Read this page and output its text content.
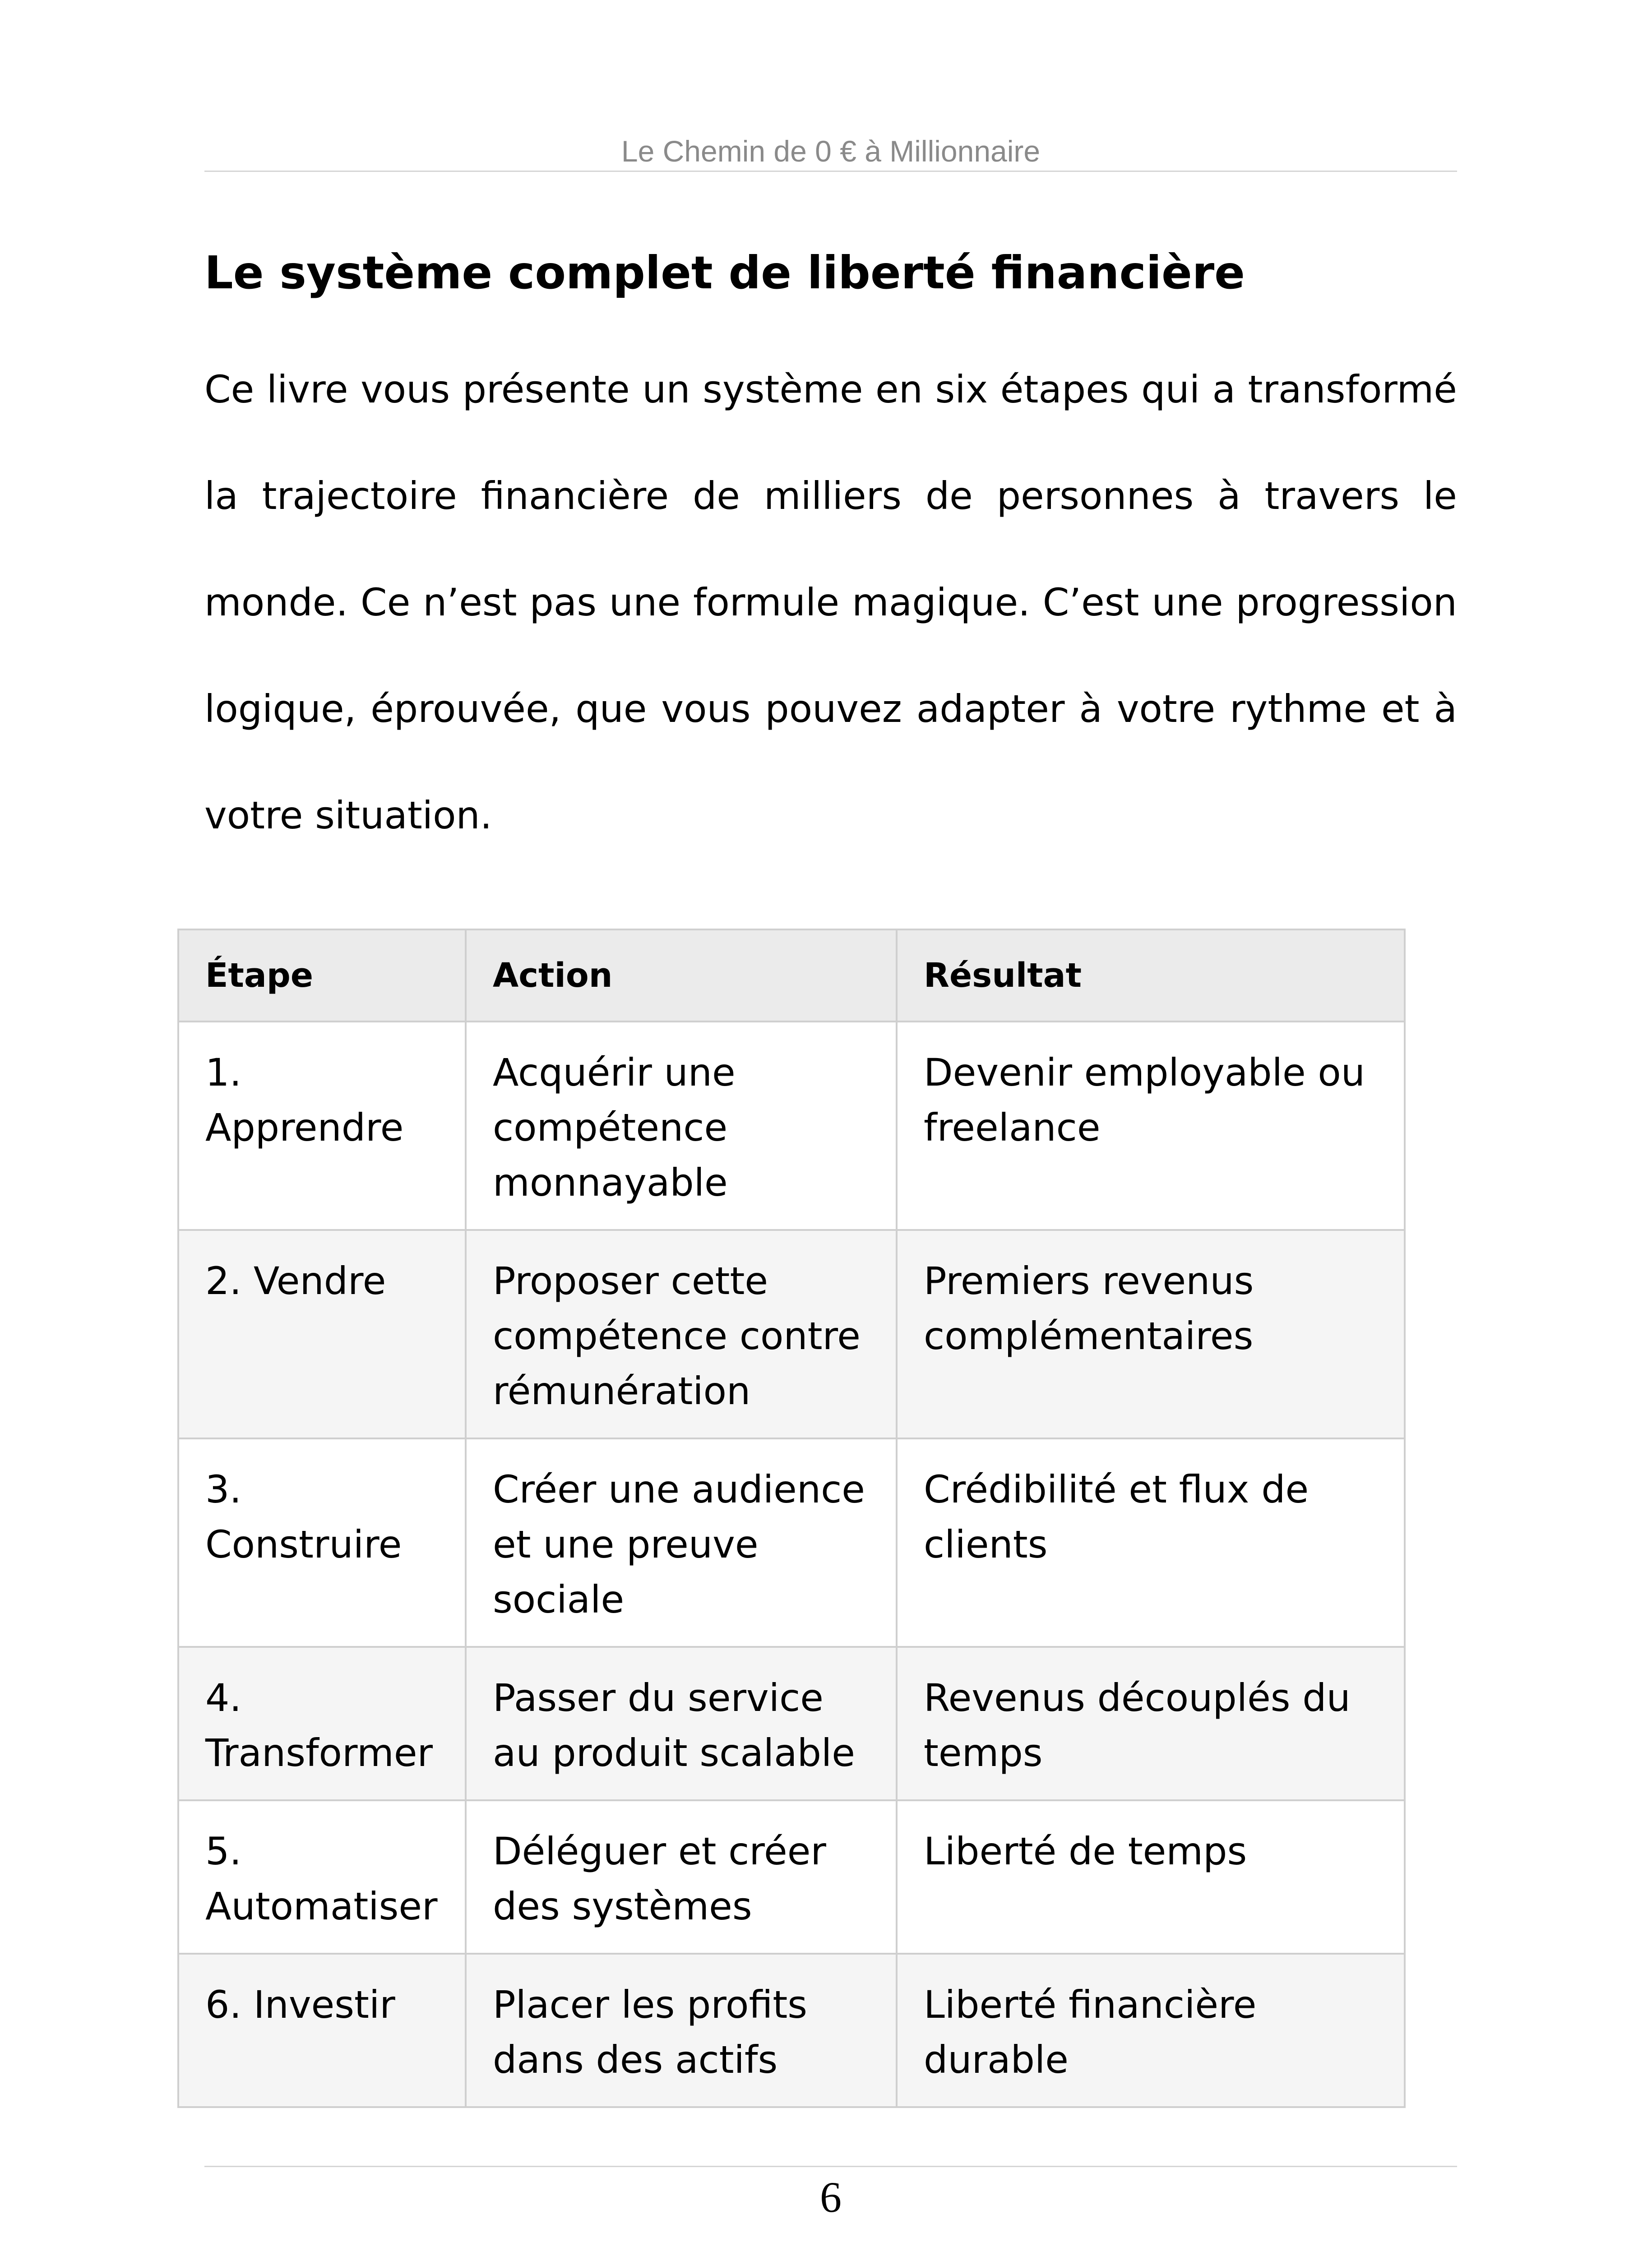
Le Chemin de 0 € à Millionnaire
Le système complet de liberté financière

Ce livre vous présente un système en six étapes qui a transformé la trajectoire financière de milliers de personnes à travers le monde. Ce n’est pas une formule magique. C’est une progression logique, éprouvée, que vous pouvez adapter à votre rythme et à votre situation.

Étape	Action	Résultat
1. Apprendre	Acquérir une compétence monnayable	Devenir employable ou freelance
2. Vendre	Proposer cette compétence contre rémunération	Premiers revenus complémentaires
3. Construire	Créer une audience et une preuve sociale	Crédibilité et flux de clients
4. Transformer	Passer du service au produit scalable	Revenus découplés du temps
5. Automatiser	Déléguer et créer des systèmes	Liberté de temps
6. Investir	Placer les profits dans des actifs	Liberté financière durable
6
